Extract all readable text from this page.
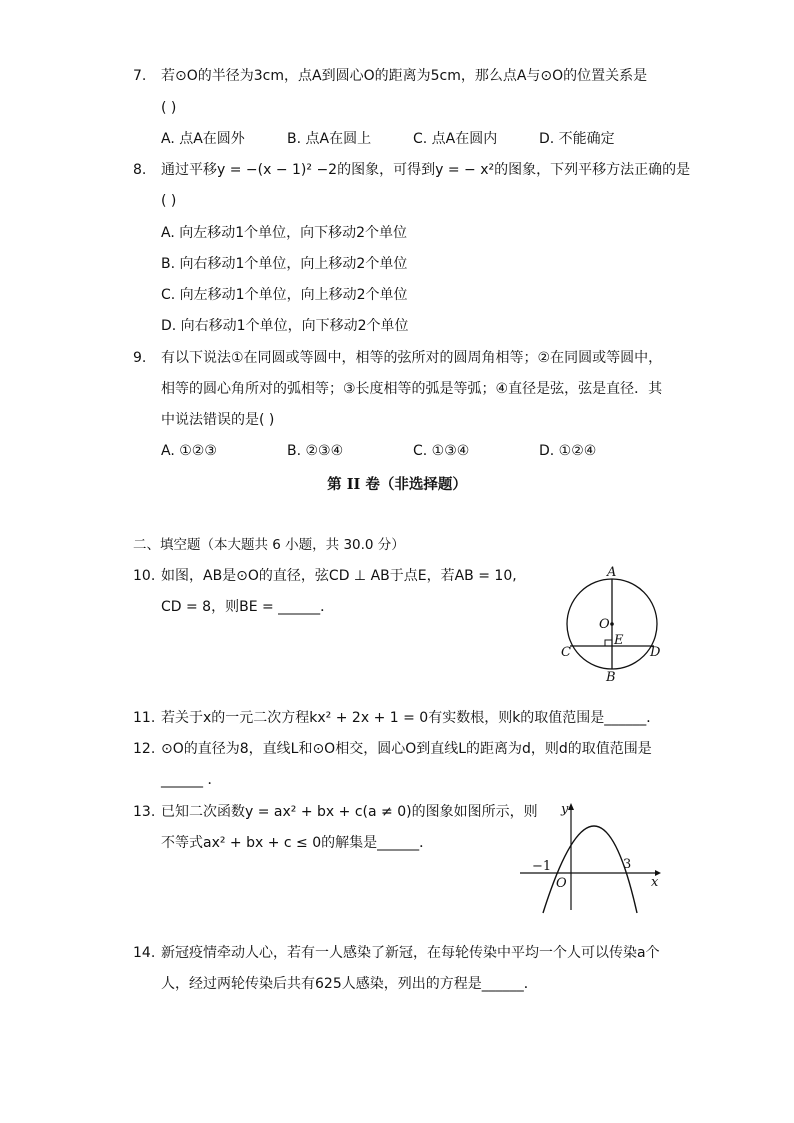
7.	若⊙O的半径为3cm，点A到圆心O的距离为5cm，那么点A与⊙O的位置关系是
( )
A. 点A在圆外	B. 点A在圆上	C. 点A在圆内	D. 不能确定
8.	通过平移y = −(x − 1)² −2的图象，可得到y = − x²的图象，下列平移方法正确的是
( )
A. 向左移动1个单位，向下移动2个单位
B. 向右移动1个单位，向上移动2个单位
C. 向左移动1个单位，向上移动2个单位
D. 向右移动1个单位，向下移动2个单位
9.	有以下说法①在同圆或等圆中，相等的弦所对的圆周角相等；②在同圆或等圆中，
相等的圆心角所对的弧相等；③长度相等的弧是等弧；④直径是弦，弦是直径．其
中说法错误的是( )
A. ①②③	B. ②③④	C. ①③④	D. ①②④
第 II 卷（非选择题）
二、填空题（本大题共 6 小题，共 30.0 分）
10. 如图，AB是⊙O的直径，弦CD ⊥ AB于点E，若AB = 10,
CD = 8，则BE = ______．
A
B
C	D
O
E
11. 若关于x的一元二次方程kx² + 2x + 1 = 0有实数根，则k的取值范围是______．
12. ⊙O的直径为8，直线L和⊙O相交，圆心O到直线L的距离为d，则d的取值范围是
______ ．
13. 已知二次函数y = ax² + bx + c(a ≠ 0)的图象如图所示，则
不等式ax² + bx + c ≤ 0的解集是______．
y
x
O
−1	3
14. 新冠疫情牵动人心，若有一人感染了新冠，在每轮传染中平均一个人可以传染a个
人，经过两轮传染后共有625人感染，列出的方程是______．
